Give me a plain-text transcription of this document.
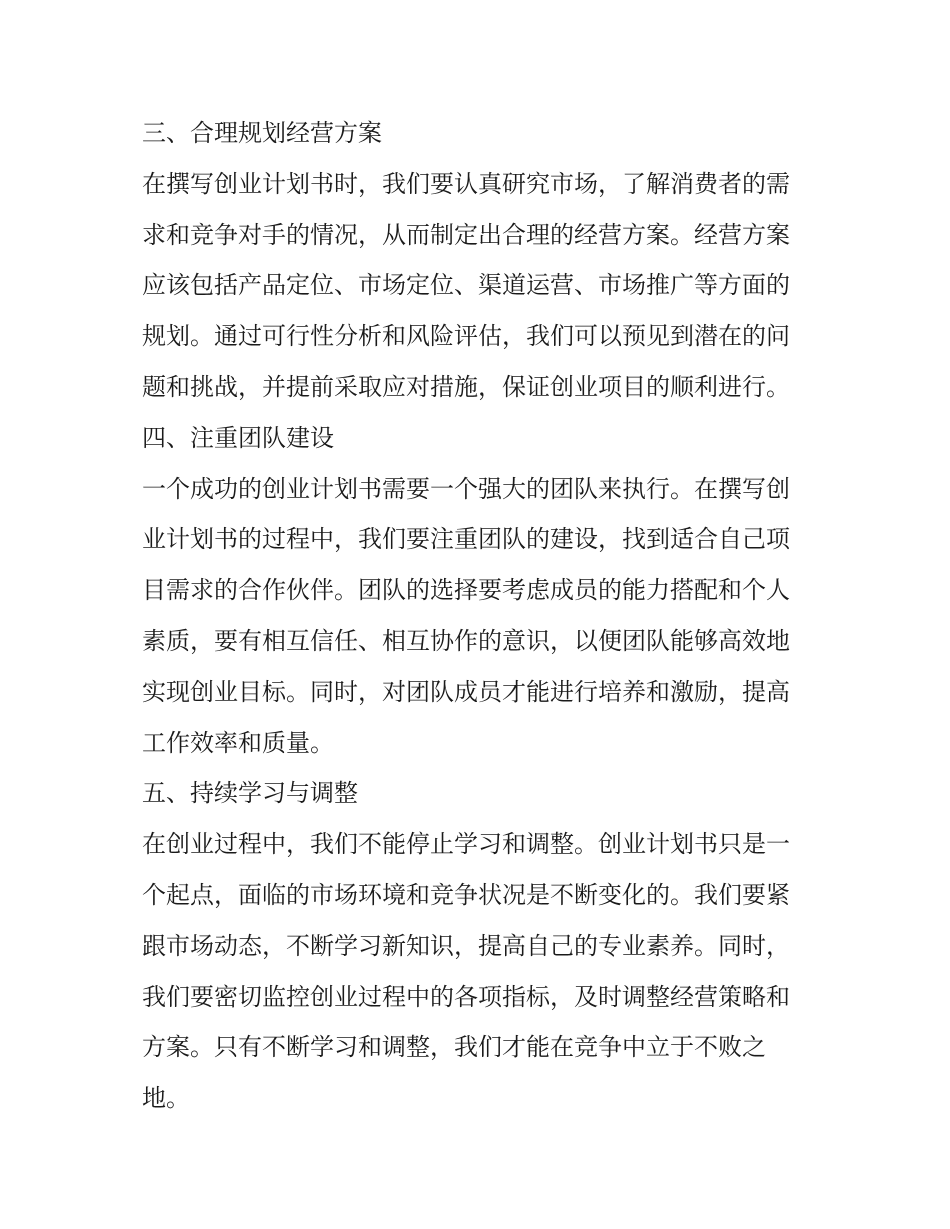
三、合理规划经营方案
在撰写创业计划书时，我们要认真研究市场，了解消费者的需
求和竞争对手的情况，从而制定出合理的经营方案。经营方案
应该包括产品定位、市场定位、渠道运营、市场推广等方面的
规划。通过可行性分析和风险评估，我们可以预见到潜在的问
题和挑战，并提前采取应对措施，保证创业项目的顺利进行。
四、注重团队建设
一个成功的创业计划书需要一个强大的团队来执行。在撰写创
业计划书的过程中，我们要注重团队的建设，找到适合自己项
目需求的合作伙伴。团队的选择要考虑成员的能力搭配和个人
素质，要有相互信任、相互协作的意识，以便团队能够高效地
实现创业目标。同时，对团队成员才能进行培养和激励，提高
工作效率和质量。
五、持续学习与调整
在创业过程中，我们不能停止学习和调整。创业计划书只是一
个起点，面临的市场环境和竞争状况是不断变化的。我们要紧
跟市场动态，不断学习新知识，提高自己的专业素养。同时，
我们要密切监控创业过程中的各项指标，及时调整经营策略和
方案。只有不断学习和调整，我们才能在竞争中立于不败之
地。
